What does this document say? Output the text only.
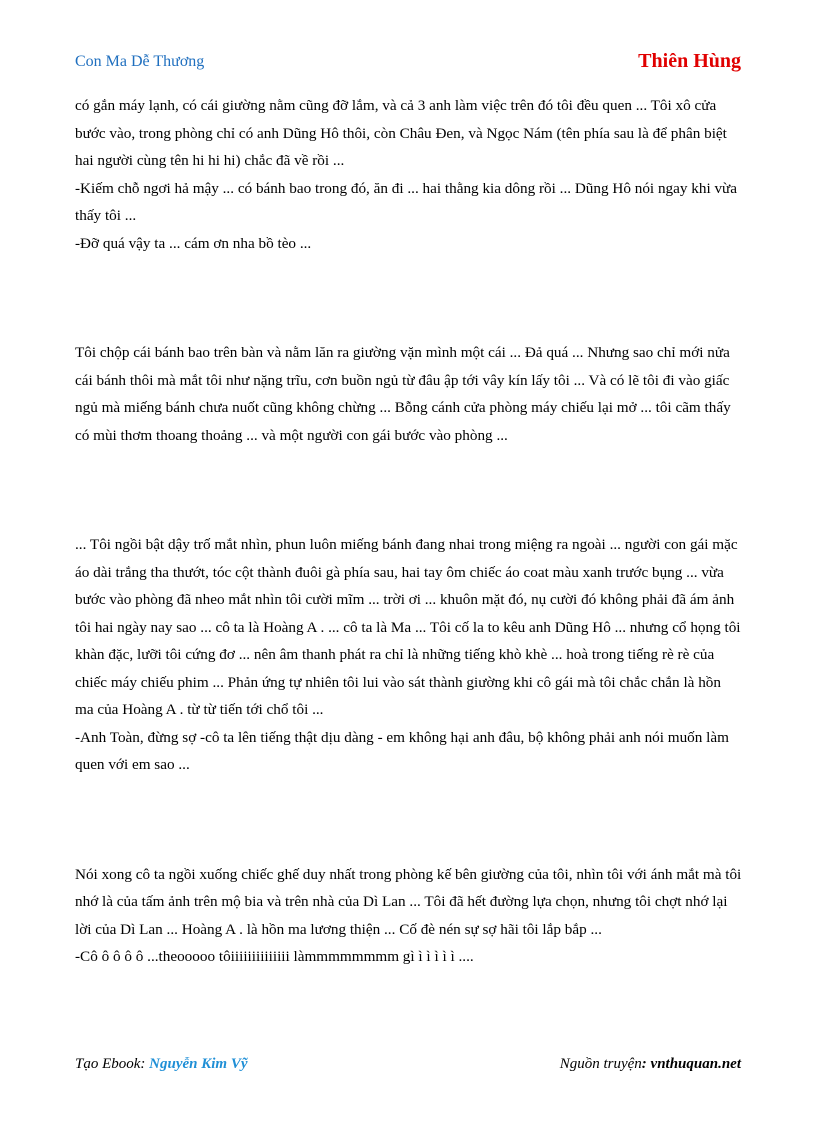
Con Ma Dễ Thương	Thiên Hùng

có gắn máy lạnh, có cái giường nằm cũng đỡ lắm, và cả 3 anh làm việc trên đó tôi đều quen ... Tôi xô cửa bước vào, trong phòng chỉ có anh Dũng Hô thôi, còn Châu Đen, và Ngọc Nám (tên phía sau là để phân biệt hai người cùng tên hi hi hi) chắc đã về rồi ...

-Kiếm chỗ ngơi hả mậy ... có bánh bao trong đó, ăn đi ... hai thằng kia dông rồi ... Dũng Hô nói ngay khi vừa thấy tôi ...

-Đỡ quá vậy ta ... cám ơn nha bồ tèo ...

Tôi chộp cái bánh bao trên bàn và nằm lăn ra giường vặn mình một cái ... Đả quá ... Nhưng sao chỉ mới nửa cái bánh thôi mà mắt tôi như nặng trĩu, cơn buồn ngủ từ đâu ập tới vây kín lấy tôi ... Và có lẽ tôi đi vào giấc ngủ mà miếng bánh chưa nuốt cũng không chừng ... Bỗng cánh cửa phòng máy chiếu lại mở ... tôi cãm thấy có mùi thơm thoang thoảng ... và một người con gái bước vào phòng ...

... Tôi ngồi bật dậy trố mắt nhìn, phun luôn miếng bánh đang nhai trong miệng ra ngoài ... người con gái mặc áo dài trắng tha thướt, tóc cột thành đuôi gà phía sau, hai tay ôm chiếc áo coat màu xanh trước bụng ... vừa bước vào phòng đã nheo mắt nhìn tôi cười mĩm ... trời ơi ... khuôn mặt đó, nụ cười đó không phải đã ám ảnh tôi hai ngày nay sao ... cô ta là Hoàng A . ... cô ta là Ma ... Tôi cố la to kêu anh Dũng Hô ... nhưng cổ họng tôi khàn đặc, lưỡi tôi cứng đơ ... nên âm thanh phát ra chỉ là những tiếng khò khè ... hoà trong tiếng rè rè của chiếc máy chiếu phim ... Phản ứng tự nhiên tôi lui vào sát thành giường khi cô gái mà tôi chắc chắn là hồn ma của Hoàng A . từ từ tiến tới chổ tôi ...

-Anh Toàn, đừng sợ -cô ta lên tiếng thật dịu dàng - em không hại anh đâu, bộ không phải anh nói muốn làm quen với em sao ...

Nói xong cô ta ngồi xuống chiếc ghế duy nhất trong phòng kế bên giường của tôi, nhìn tôi với ánh mắt mà tôi nhớ là của tấm ảnh trên mộ bia và trên nhà của Dì Lan ... Tôi đã hết đường lựa chọn, nhưng tôi chợt nhớ lại lời của Dì Lan ... Hoàng A . là hồn ma lương thiện ... Cố đè nén sự sợ hãi tôi lắp bắp ...

-Cô ô ô ô ô ...theooooo tôiiiiiiiiiiiiii làmmmmmmmm gì ì ì ì ì ì ....

Tạo Ebook: Nguyễn Kim Vỹ	Nguồn truyện: vnthuquan.net
